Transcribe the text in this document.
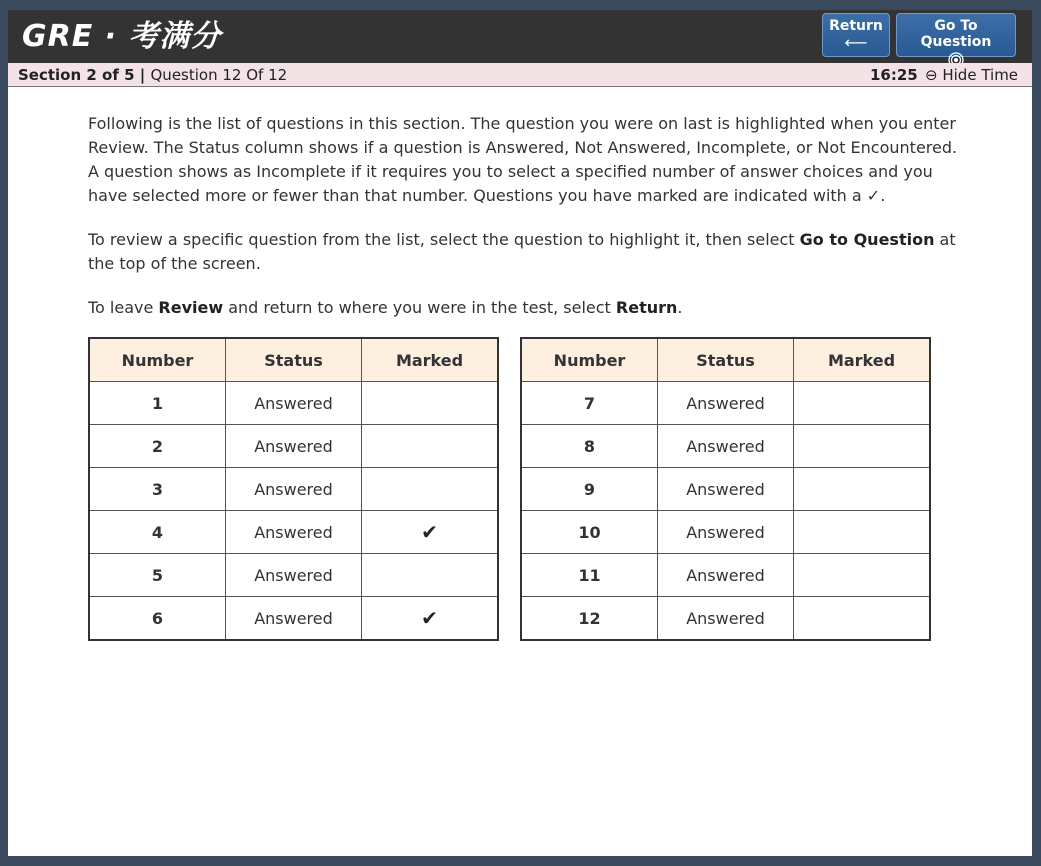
GRE · 考满分	Return
⟵
Go To Question
Section 2 of 5 | Question 12 Of 12	16:25 ⊖ Hide Time

Following is the list of questions in this section. The question you were on last is highlighted when you enter Review. The Status column shows if a question is Answered, Not Answered, Incomplete, or Not Encountered. A question shows as Incomplete if it requires you to select a specified number of answer choices and you have selected more or fewer than that number. Questions you have marked are indicated with a ✓.

To review a specific question from the list, select the question to highlight it, then select Go to Question at the top of the screen.

To leave Review and return to where you were in the test, select Return.

Number	Status	Marked
1	Answered	
2	Answered	
3	Answered	
4	Answered	✔
5	Answered	
6	Answered	✔
Number	Status	Marked
7	Answered	
8	Answered	
9	Answered	
10	Answered	
11	Answered	
12	Answered	
